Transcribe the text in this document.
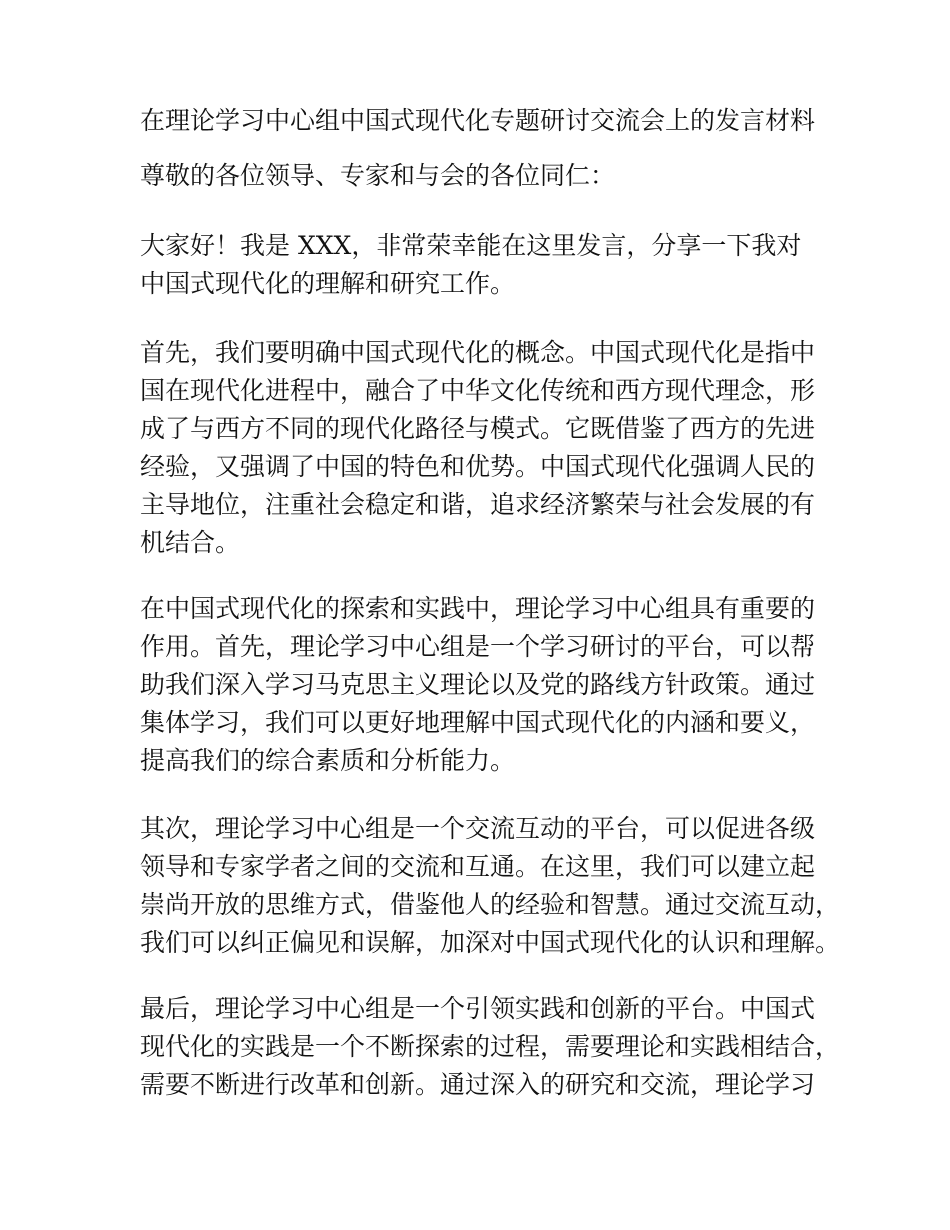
在理论学习中心组中国式现代化专题研讨交流会上的发言材料
尊敬的各位领导、专家和与会的各位同仁：
大家好！我是 XXX，非常荣幸能在这里发言，分享一下我对
中国式现代化的理解和研究工作。
首先，我们要明确中国式现代化的概念。中国式现代化是指中
国在现代化进程中，融合了中华文化传统和西方现代理念，形
成了与西方不同的现代化路径与模式。它既借鉴了西方的先进
经验，又强调了中国的特色和优势。中国式现代化强调人民的
主导地位，注重社会稳定和谐，追求经济繁荣与社会发展的有
机结合。
在中国式现代化的探索和实践中，理论学习中心组具有重要的
作用。首先，理论学习中心组是一个学习研讨的平台，可以帮
助我们深入学习马克思主义理论以及党的路线方针政策。通过
集体学习，我们可以更好地理解中国式现代化的内涵和要义，
提高我们的综合素质和分析能力。
其次，理论学习中心组是一个交流互动的平台，可以促进各级
领导和专家学者之间的交流和互通。在这里，我们可以建立起
崇尚开放的思维方式，借鉴他人的经验和智慧。通过交流互动，
我们可以纠正偏见和误解，加深对中国式现代化的认识和理解。
最后，理论学习中心组是一个引领实践和创新的平台。中国式
现代化的实践是一个不断探索的过程，需要理论和实践相结合，
需要不断进行改革和创新。通过深入的研究和交流，理论学习
